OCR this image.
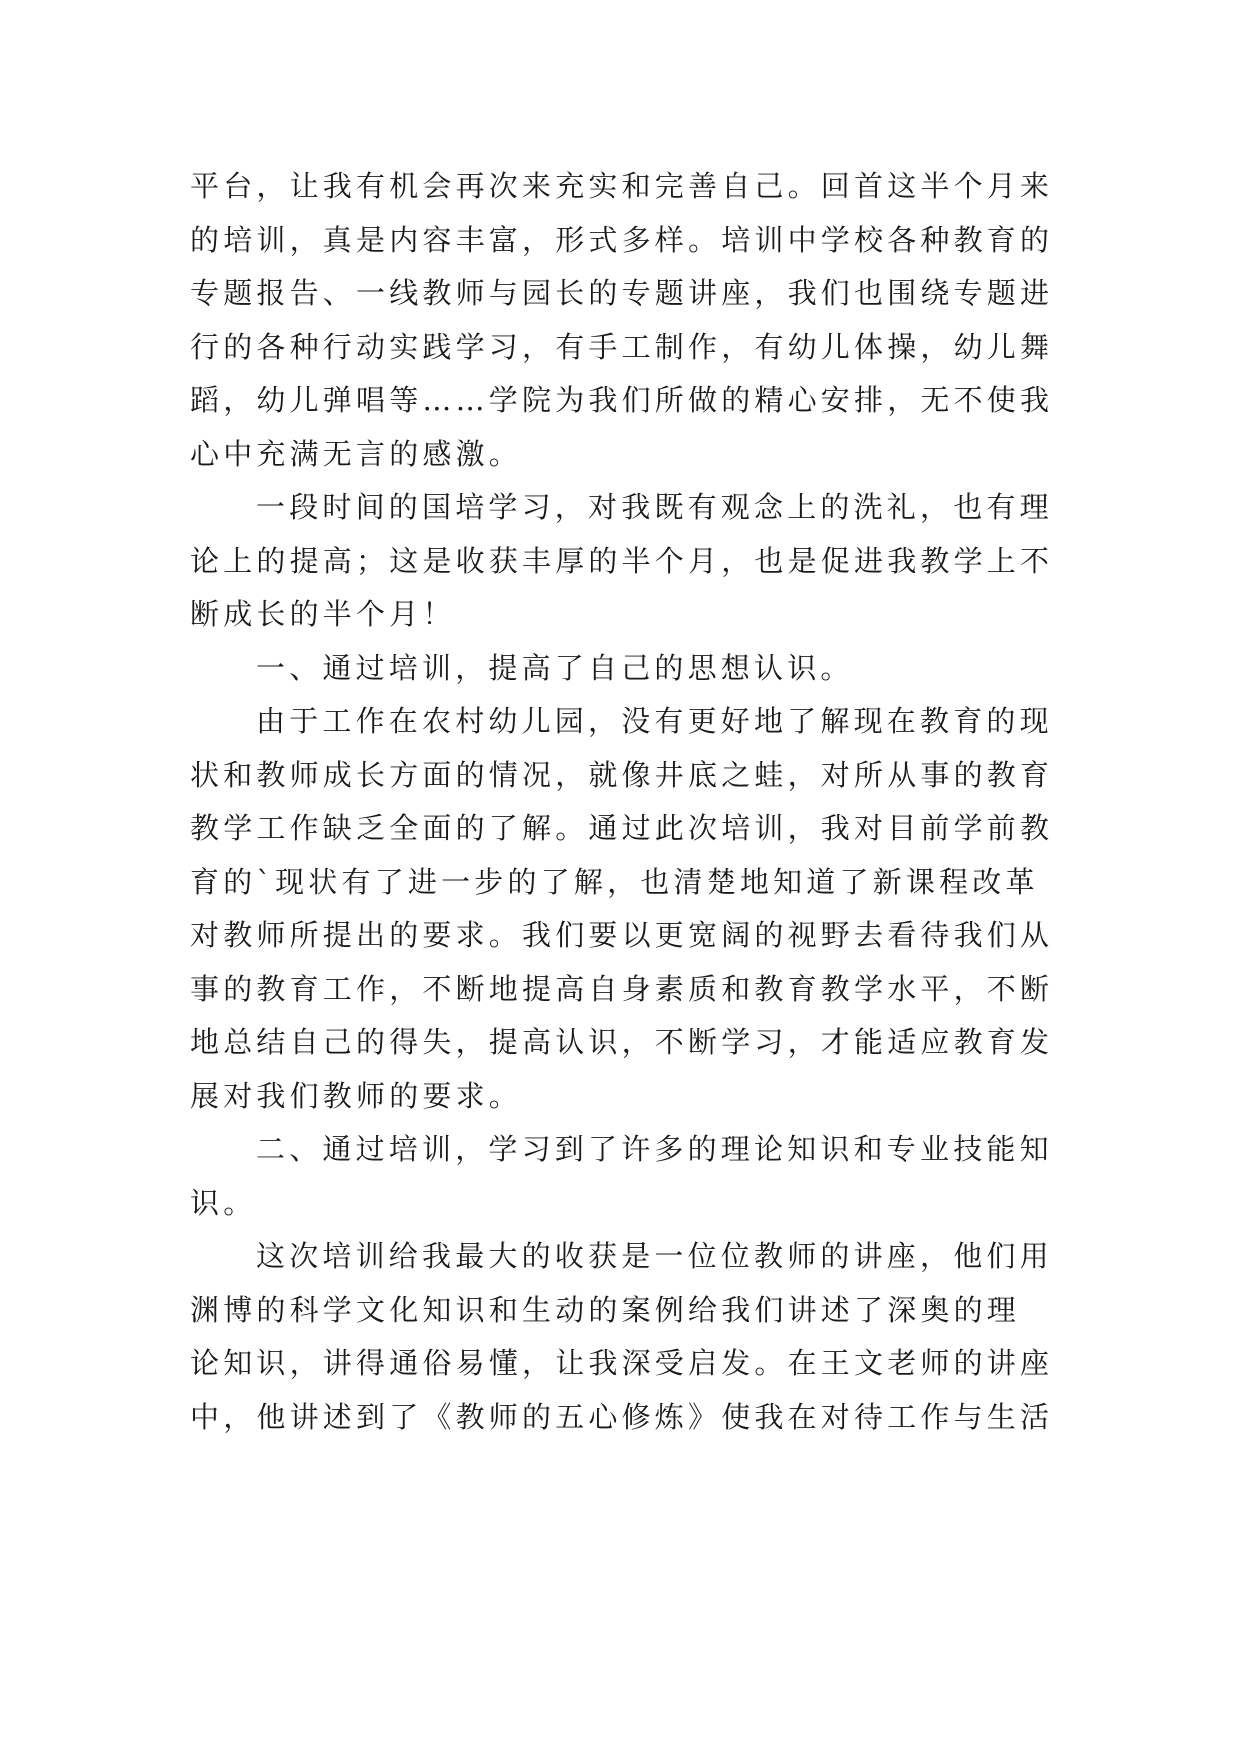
平台，让我有机会再次来充实和完善自己。回首这半个月来
的培训，真是内容丰富，形式多样。培训中学校各种教育的
专题报告、一线教师与园长的专题讲座，我们也围绕专题进
行的各种行动实践学习，有手工制作，有幼儿体操，幼儿舞
蹈，幼儿弹唱等……学院为我们所做的精心安排，无不使我
心中充满无言的感激。
一段时间的国培学习，对我既有观念上的洗礼，也有理
论上的提高；这是收获丰厚的半个月，也是促进我教学上不
断成长的半个月！
一、通过培训，提高了自己的思想认识。
由于工作在农村幼儿园，没有更好地了解现在教育的现
状和教师成长方面的情况，就像井底之蛙，对所从事的教育
教学工作缺乏全面的了解。通过此次培训，我对目前学前教
育的`现状有了进一步的了解，也清楚地知道了新课程改革
对教师所提出的要求。我们要以更宽阔的视野去看待我们从
事的教育工作，不断地提高自身素质和教育教学水平，不断
地总结自己的得失，提高认识，不断学习，才能适应教育发
展对我们教师的要求。
二、通过培训，学习到了许多的理论知识和专业技能知
识。
这次培训给我最大的收获是一位位教师的讲座，他们用
渊博的科学文化知识和生动的案例给我们讲述了深奥的理
论知识，讲得通俗易懂，让我深受启发。在王文老师的讲座
中，他讲述到了《教师的五心修炼》使我在对待工作与生活
